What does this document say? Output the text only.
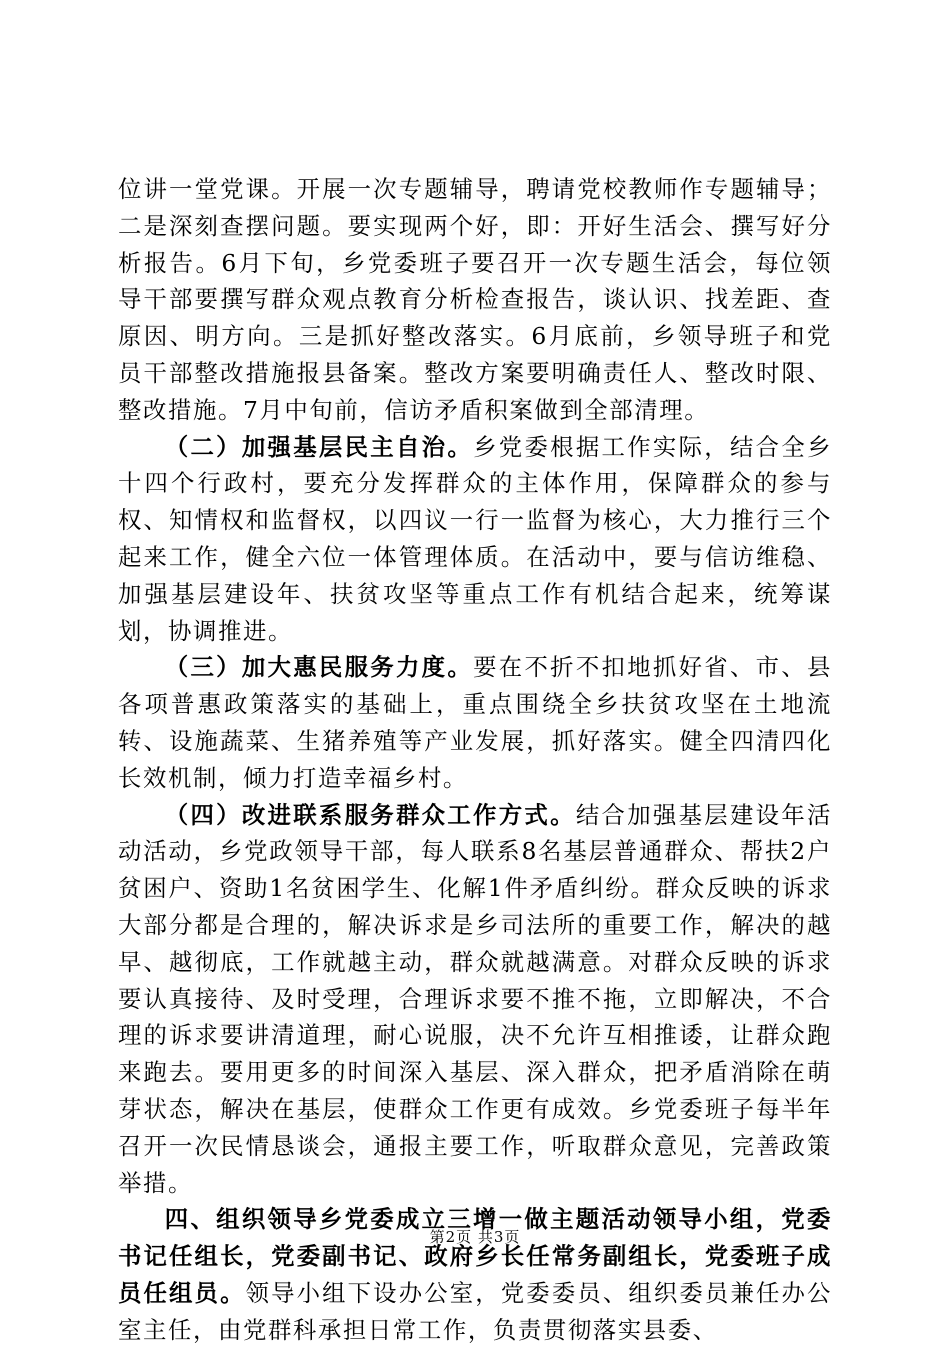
位讲一堂党课。开展一次专题辅导，聘请党校教师作专题辅导；二是深刻查摆问题。要实现两个好，即：开好生活会、撰写好分析报告。6月下旬，乡党委班子要召开一次专题生活会，每位领导干部要撰写群众观点教育分析检查报告，谈认识、找差距、查原因、明方向。三是抓好整改落实。6月底前，乡领导班子和党员干部整改措施报县备案。整改方案要明确责任人、整改时限、整改措施。7月中旬前，信访矛盾积案做到全部清理。

（二）加强基层民主自治。乡党委根据工作实际，结合全乡十四个行政村，要充分发挥群众的主体作用，保障群众的参与权、知情权和监督权，以四议一行一监督为核心，大力推行三个起来工作，健全六位一体管理体质。在活动中，要与信访维稳、加强基层建设年、扶贫攻坚等重点工作有机结合起来，统筹谋划，协调推进。

（三）加大惠民服务力度。要在不折不扣地抓好省、市、县各项普惠政策落实的基础上，重点围绕全乡扶贫攻坚在土地流转、设施蔬菜、生猪养殖等产业发展，抓好落实。健全四清四化长效机制，倾力打造幸福乡村。

（四）改进联系服务群众工作方式。结合加强基层建设年活动活动，乡党政领导干部，每人联系8名基层普通群众、帮扶2户贫困户、资助1名贫困学生、化解1件矛盾纠纷。群众反映的诉求大部分都是合理的，解决诉求是乡司法所的重要工作，解决的越早、越彻底，工作就越主动，群众就越满意。对群众反映的诉求要认真接待、及时受理，合理诉求要不推不拖，立即解决，不合理的诉求要讲清道理，耐心说服，决不允许互相推诿，让群众跑来跑去。要用更多的时间深入基层、深入群众，把矛盾消除在萌芽状态，解决在基层，使群众工作更有成效。乡党委班子每半年召开一次民情恳谈会，通报主要工作，听取群众意见，完善政策举措。

四、组织领导乡党委成立三增一做主题活动领导小组，党委书记任组长，党委副书记、政府乡长任常务副组长，党委班子成员任组员。领导小组下设办公室，党委委员、组织委员兼任办公室主任，由党群科承担日常工作，负责贯彻落实县委、

第2页 共3页
